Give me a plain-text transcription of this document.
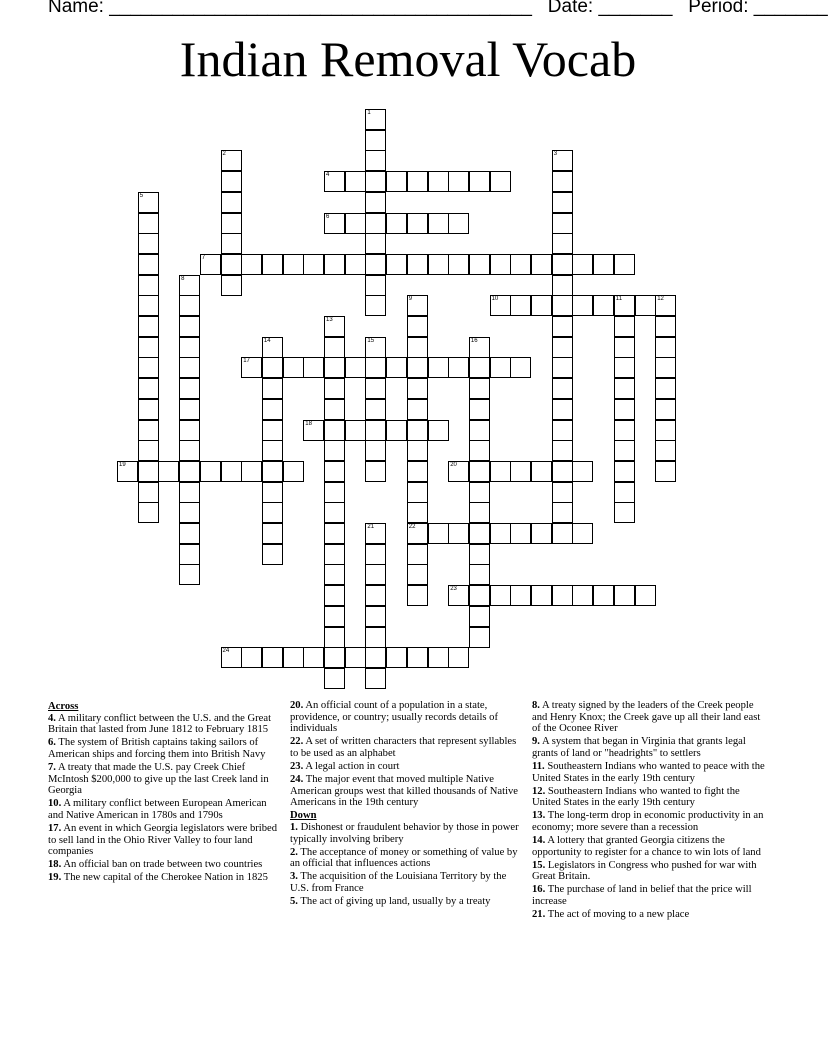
Name: ________________________________________ Date: _______ Period: _______
Indian Removal Vocab
1
2	3
4
5
6
7
8
9
22
10	11	12
13
14	15	16
17
18
19	20
21
23
24
Across
4. A military conflict between the U.S. and the Great Britain that lasted from June 1812 to February 1815
6. The system of British captains taking sailors of American ships and forcing them into British Navy
7. A treaty that made the U.S. pay Creek Chief McIntosh $200,000 to give up the last Creek land in Georgia
10. A military conflict between European American and Native American in 1780s and 1790s
17. An event in which Georgia legislators were bribed to sell land in the Ohio River Valley to four land companies
18. An official ban on trade between two countries
19. The new capital of the Cherokee Nation in 1825
20. An official count of a population in a state, providence, or country; usually records details of individuals
22. A set of written characters that represent syllables to be used as an alphabet
23. A legal action in court
24. The major event that moved multiple Native American groups west that killed thousands of Native Americans in the 19th century
Down
1. Dishonest or fraudulent behavior by those in power typically involving bribery
2. The acceptance of money or something of value by an official that influences actions
3. The acquisition of the Louisiana Territory by the U.S. from France
5. The act of giving up land, usually by a treaty
8. A treaty signed by the leaders of the Creek people and Henry Knox; the Creek gave up all their land east of the Oconee River
9. A system that began in Virginia that grants legal grants of land or "headrights" to settlers
11. Southeastern Indians who wanted to peace with the United States in the early 19th century
12. Southeastern Indians who wanted to fight the United States in the early 19th century
13. The long-term drop in economic productivity in an economy; more severe than a recession
14. A lottery that granted Georgia citizens the opportunity to register for a chance to win lots of land
15. Legislators in Congress who pushed for war with Great Britain.
16. The purchase of land in belief that the price will increase
21. The act of moving to a new place
